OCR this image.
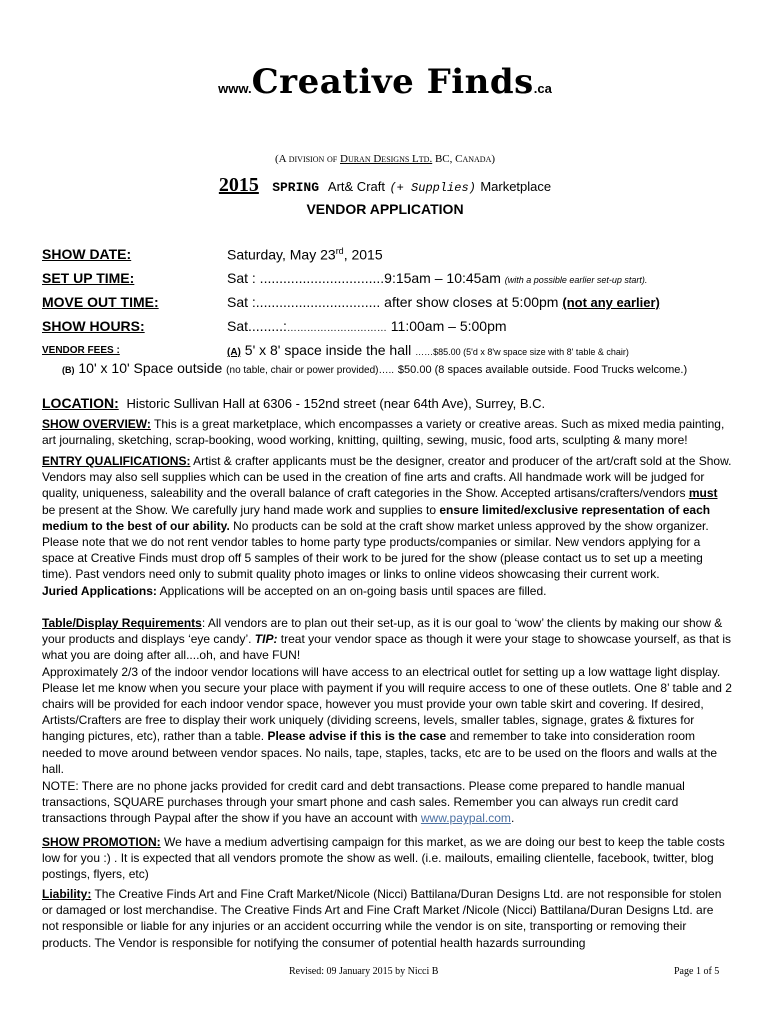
www.Creative Finds.ca
(A division of Duran Designs Ltd. BC, Canada)
2015 SPRING Art& Craft (+ Supplies) Marketplace
VENDOR APPLICATION
SHOW DATE:	Saturday, May 23rd, 2015
SET UP TIME:	Sat : ................................9:15am – 10:45am (with a possible earlier set-up start).
MOVE OUT TIME:	Sat :................................ after show closes at 5:00pm (not any earlier)
SHOW HOURS:	Sat.........:………………………… 11:00am – 5:00pm
VENDOR FEES :	(A) 5' x 8' space inside the hall ……$85.00 (5'd x 8'w space size with 8' table & chair)
(B) 10' x 10' Space outside (no table, chair or power provided)….. $50.00 (8 spaces available outside. Food Trucks welcome.)
LOCATION: Historic Sullivan Hall at 6306 - 152nd street (near 64th Ave), Surrey, B.C.

SHOW OVERVIEW: This is a great marketplace, which encompasses a variety or creative areas. Such as mixed media painting, art journaling, sketching, scrap-booking, wood working, knitting, quilting, sewing, music, food arts, sculpting & many more!

ENTRY QUALIFICATIONS: Artist & crafter applicants must be the designer, creator and producer of the art/craft sold at the Show. Vendors may also sell supplies which can be used in the creation of fine arts and crafts. All handmade work will be judged for quality, uniqueness, saleability and the overall balance of craft categories in the Show. Accepted artisans/crafters/vendors must be present at the Show. We carefully jury hand made work and supplies to ensure limited/exclusive representation of each medium to the best of our ability. No products can be sold at the craft show market unless approved by the show organizer. Please note that we do not rent vendor tables to home party type products/companies or similar. New vendors applying for a space at Creative Finds must drop off 5 samples of their work to be jured for the show (please contact us to set up a meeting time). Past vendors need only to submit quality photo images or links to online videos showcasing their current work.

Juried Applications: Applications will be accepted on an on-going basis until spaces are filled.

Table/Display Requirements: All vendors are to plan out their set-up, as it is our goal to ‘wow’ the clients by making our show & your products and displays ‘eye candy’. TIP: treat your vendor space as though it were your stage to showcase yourself, as that is what you are doing after all....oh, and have FUN!

Approximately 2/3 of the indoor vendor locations will have access to an electrical outlet for setting up a low wattage light display. Please let me know when you secure your place with payment if you will require access to one of these outlets. One 8’ table and 2 chairs will be provided for each indoor vendor space, however you must provide your own table skirt and covering. If desired, Artists/Crafters are free to display their work uniquely (dividing screens, levels, smaller tables, signage, grates & fixtures for hanging pictures, etc), rather than a table. Please advise if this is the case and remember to take into consideration room needed to move around between vendor spaces. No nails, tape, staples, tacks, etc are to be used on the floors and walls at the hall.

NOTE: There are no phone jacks provided for credit card and debt transactions. Please come prepared to handle manual transactions, SQUARE purchases through your smart phone and cash sales. Remember you can always run credit card transactions through Paypal after the show if you have an account with www.paypal.com.

SHOW PROMOTION: We have a medium advertising campaign for this market, as we are doing our best to keep the table costs low for you :) . It is expected that all vendors promote the show as well. (i.e. mailouts, emailing clientelle, facebook, twitter, blog postings, flyers, etc)

Liability: The Creative Finds Art and Fine Craft Market/Nicole (Nicci) Battilana/Duran Designs Ltd. are not responsible for stolen or damaged or lost merchandise. The Creative Finds Art and Fine Craft Market /Nicole (Nicci) Battilana/Duran Designs Ltd. are not responsible or liable for any injuries or an accident occurring while the vendor is on site, transporting or removing their products. The Vendor is responsible for notifying the consumer of potential health hazards surrounding

Revised: 09 January 2015 by Nicci B	Page 1 of 5
